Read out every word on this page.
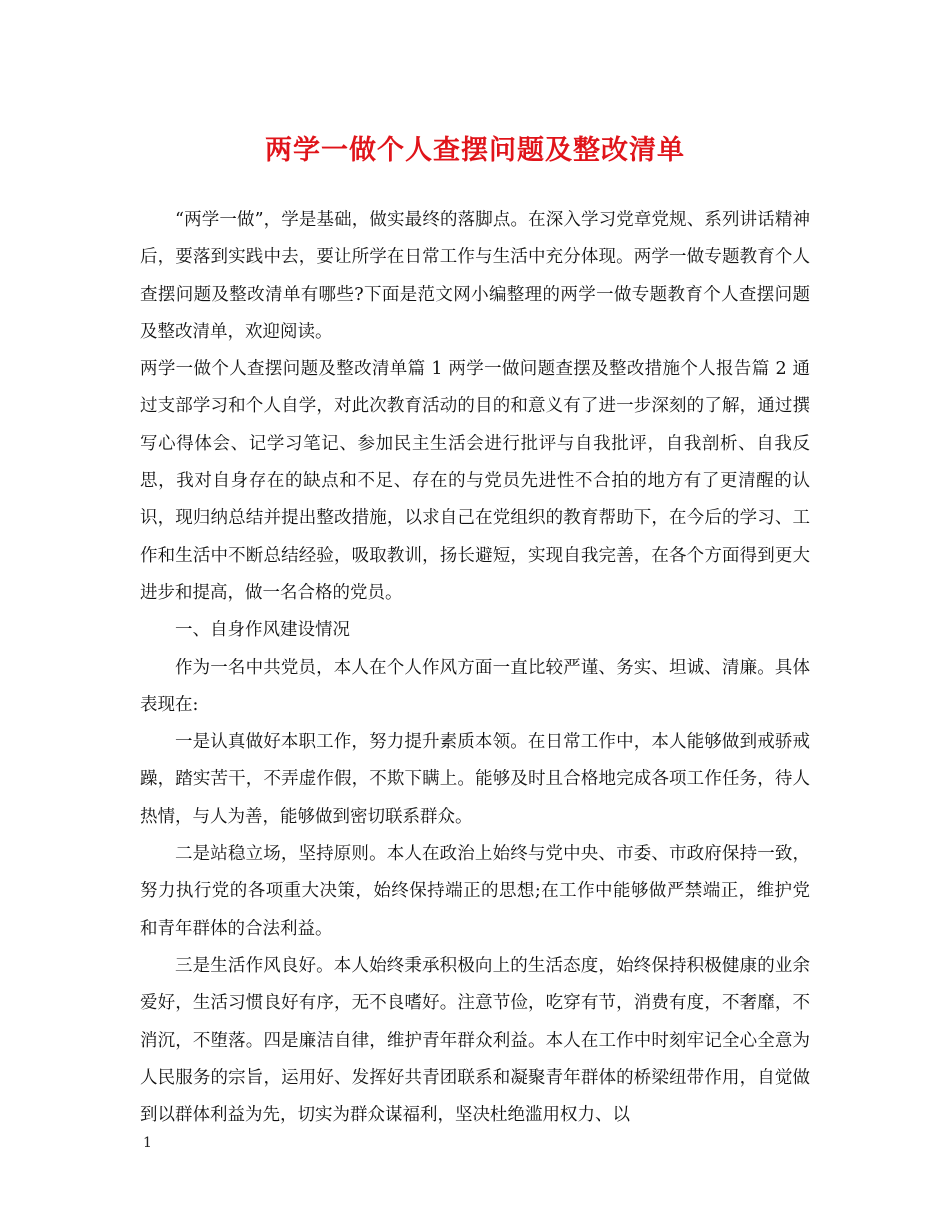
两学一做个人查摆问题及整改清单

“两学一做”，学是基础，做实最终的落脚点。在深入学习党章党规、系列讲话精神后，要落到实践中去，要让所学在日常工作与生活中充分体现。两学一做专题教育个人查摆问题及整改清单有哪些?下面是范文网小编整理的两学一做专题教育个人查摆问题及整改清单，欢迎阅读。

两学一做个人查摆问题及整改清单篇 1 两学一做问题查摆及整改措施个人报告篇 2 通过支部学习和个人自学，对此次教育活动的目的和意义有了进一步深刻的了解，通过撰写心得体会、记学习笔记、参加民主生活会进行批评与自我批评，自我剖析、自我反思，我对自身存在的缺点和不足、存在的与党员先进性不合拍的地方有了更清醒的认识，现归纳总结并提出整改措施，以求自己在党组织的教育帮助下，在今后的学习、工作和生活中不断总结经验，吸取教训，扬长避短，实现自我完善，在各个方面得到更大进步和提高，做一名合格的党员。

一、自身作风建设情况

作为一名中共党员，本人在个人作风方面一直比较严谨、务实、坦诚、清廉。具体表现在:

一是认真做好本职工作，努力提升素质本领。在日常工作中，本人能够做到戒骄戒躁，踏实苦干，不弄虚作假，不欺下瞒上。能够及时且合格地完成各项工作任务，待人热情，与人为善，能够做到密切联系群众。

二是站稳立场，坚持原则。本人在政治上始终与党中央、市委、市政府保持一致，努力执行党的各项重大决策，始终保持端正的思想;在工作中能够做严禁端正，维护党和青年群体的合法利益。

三是生活作风良好。本人始终秉承积极向上的生活态度，始终保持积极健康的业余爱好，生活习惯良好有序，无不良嗜好。注意节俭，吃穿有节，消费有度，不奢靡，不消沉，不堕落。四是廉洁自律，维护青年群众利益。本人在工作中时刻牢记全心全意为人民服务的宗旨，运用好、发挥好共青团联系和凝聚青年群体的桥梁纽带作用，自觉做到以群体利益为先，切实为群众谋福利，坚决杜绝滥用权力、以

1
